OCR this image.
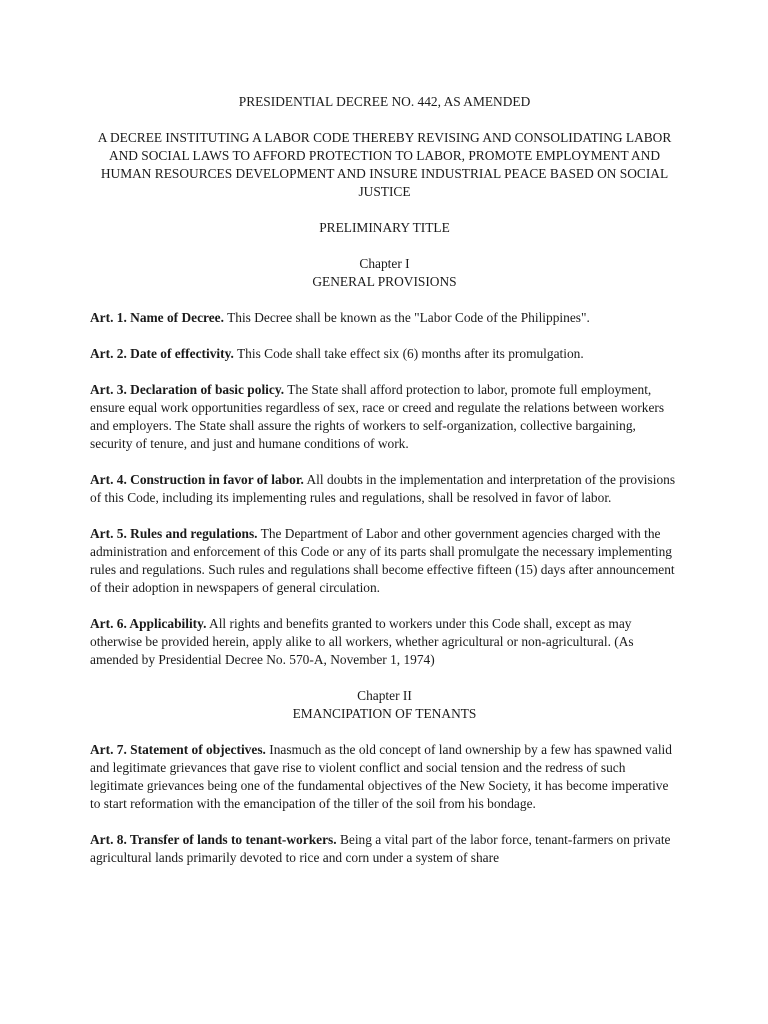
PRESIDENTIAL DECREE NO. 442, AS AMENDED

A DECREE INSTITUTING A LABOR CODE THEREBY REVISING AND CONSOLIDATING LABOR AND SOCIAL LAWS TO AFFORD PROTECTION TO LABOR, PROMOTE EMPLOYMENT AND HUMAN RESOURCES DEVELOPMENT AND INSURE INDUSTRIAL PEACE BASED ON SOCIAL JUSTICE

PRELIMINARY TITLE

Chapter I

GENERAL PROVISIONS

Art. 1. Name of Decree. This Decree shall be known as the "Labor Code of the Philippines".

Art. 2. Date of effectivity. This Code shall take effect six (6) months after its promulgation.

Art. 3. Declaration of basic policy. The State shall afford protection to labor, promote full employment, ensure equal work opportunities regardless of sex, race or creed and regulate the relations between workers and employers. The State shall assure the rights of workers to self-organization, collective bargaining, security of tenure, and just and humane conditions of work.

Art. 4. Construction in favor of labor. All doubts in the implementation and interpretation of the provisions of this Code, including its implementing rules and regulations, shall be resolved in favor of labor.

Art. 5. Rules and regulations. The Department of Labor and other government agencies charged with the administration and enforcement of this Code or any of its parts shall promulgate the necessary implementing rules and regulations. Such rules and regulations shall become effective fifteen (15) days after announcement of their adoption in newspapers of general circulation.

Art. 6. Applicability. All rights and benefits granted to workers under this Code shall, except as may otherwise be provided herein, apply alike to all workers, whether agricultural or non-agricultural. (As amended by Presidential Decree No. 570-A, November 1, 1974)

Chapter II

EMANCIPATION OF TENANTS

Art. 7. Statement of objectives. Inasmuch as the old concept of land ownership by a few has spawned valid and legitimate grievances that gave rise to violent conflict and social tension and the redress of such legitimate grievances being one of the fundamental objectives of the New Society, it has become imperative to start reformation with the emancipation of the tiller of the soil from his bondage.

Art. 8. Transfer of lands to tenant-workers. Being a vital part of the labor force, tenant-farmers on private agricultural lands primarily devoted to rice and corn under a system of share
